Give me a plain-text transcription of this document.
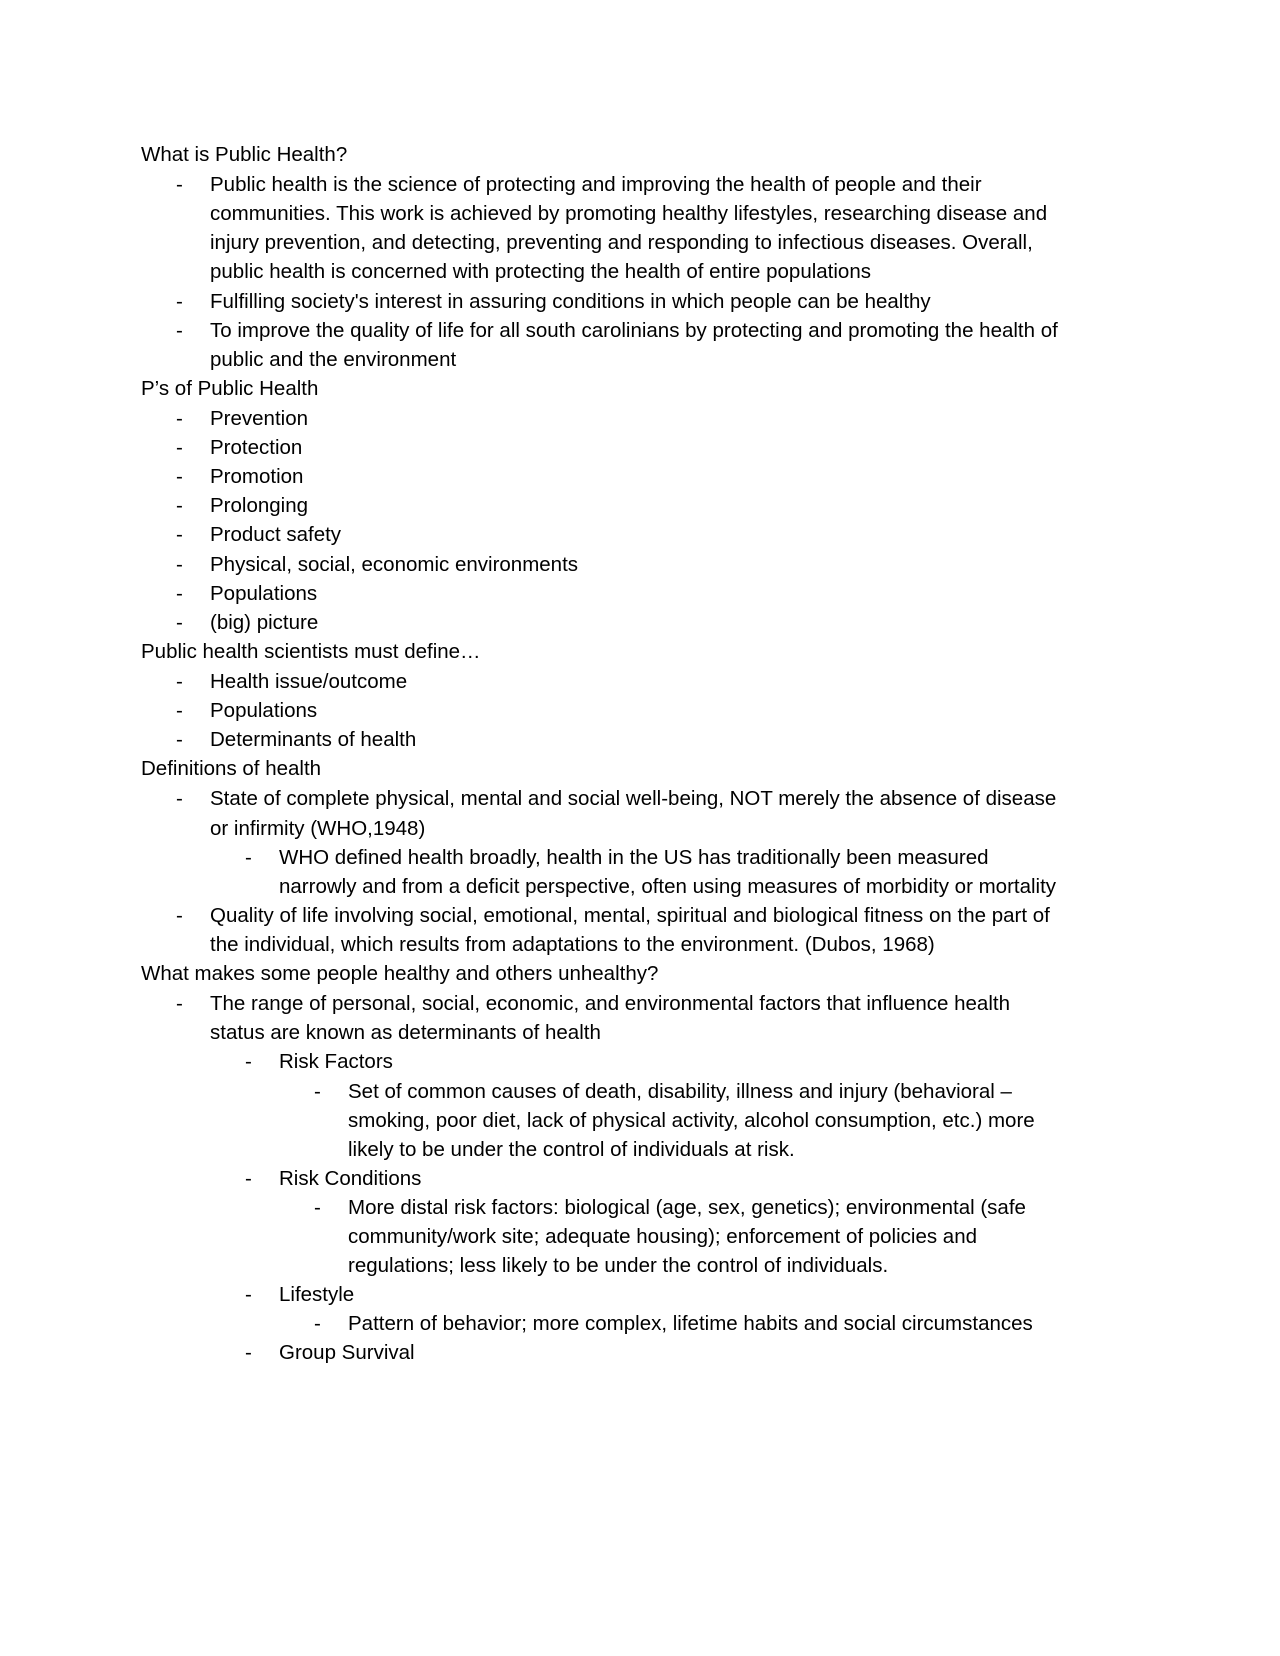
What is Public Health?
-	Public health is the science of protecting and improving the health of people and their communities. This work is achieved by promoting healthy lifestyles, researching disease and injury prevention, and detecting, preventing and responding to infectious diseases. Overall, public health is concerned with protecting the health of entire populations
-	Fulfilling society's interest in assuring conditions in which people can be healthy
-	To improve the quality of life for all south carolinians by protecting and promoting the health of public and the environment
P’s of Public Health
-	Prevention
-	Protection
-	Promotion
-	Prolonging
-	Product safety
-	Physical, social, economic environments
-	Populations
-	(big) picture
Public health scientists must define…
-	Health issue/outcome
-	Populations
-	Determinants of health
Definitions of health
-	State of complete physical, mental and social well-being, NOT merely the absence of disease or infirmity (WHO,1948)
-	WHO defined health broadly, health in the US has traditionally been measured narrowly and from a deficit perspective, often using measures of morbidity or mortality
-	Quality of life involving social, emotional, mental, spiritual and biological fitness on the part of the individual, which results from adaptations to the environment. (Dubos, 1968)
What makes some people healthy and others unhealthy?
-	The range of personal, social, economic, and environmental factors that influence health status are known as determinants of health
-	Risk Factors
-	Set of common causes of death, disability, illness and injury (behavioral – smoking, poor diet, lack of physical activity, alcohol consumption, etc.) more likely to be under the control of individuals at risk.
-	Risk Conditions
-	More distal risk factors: biological (age, sex, genetics); environmental (safe community/work site; adequate housing); enforcement of policies and regulations; less likely to be under the control of individuals.
-	Lifestyle
-	Pattern of behavior; more complex, lifetime habits and social circumstances
-	Group Survival
